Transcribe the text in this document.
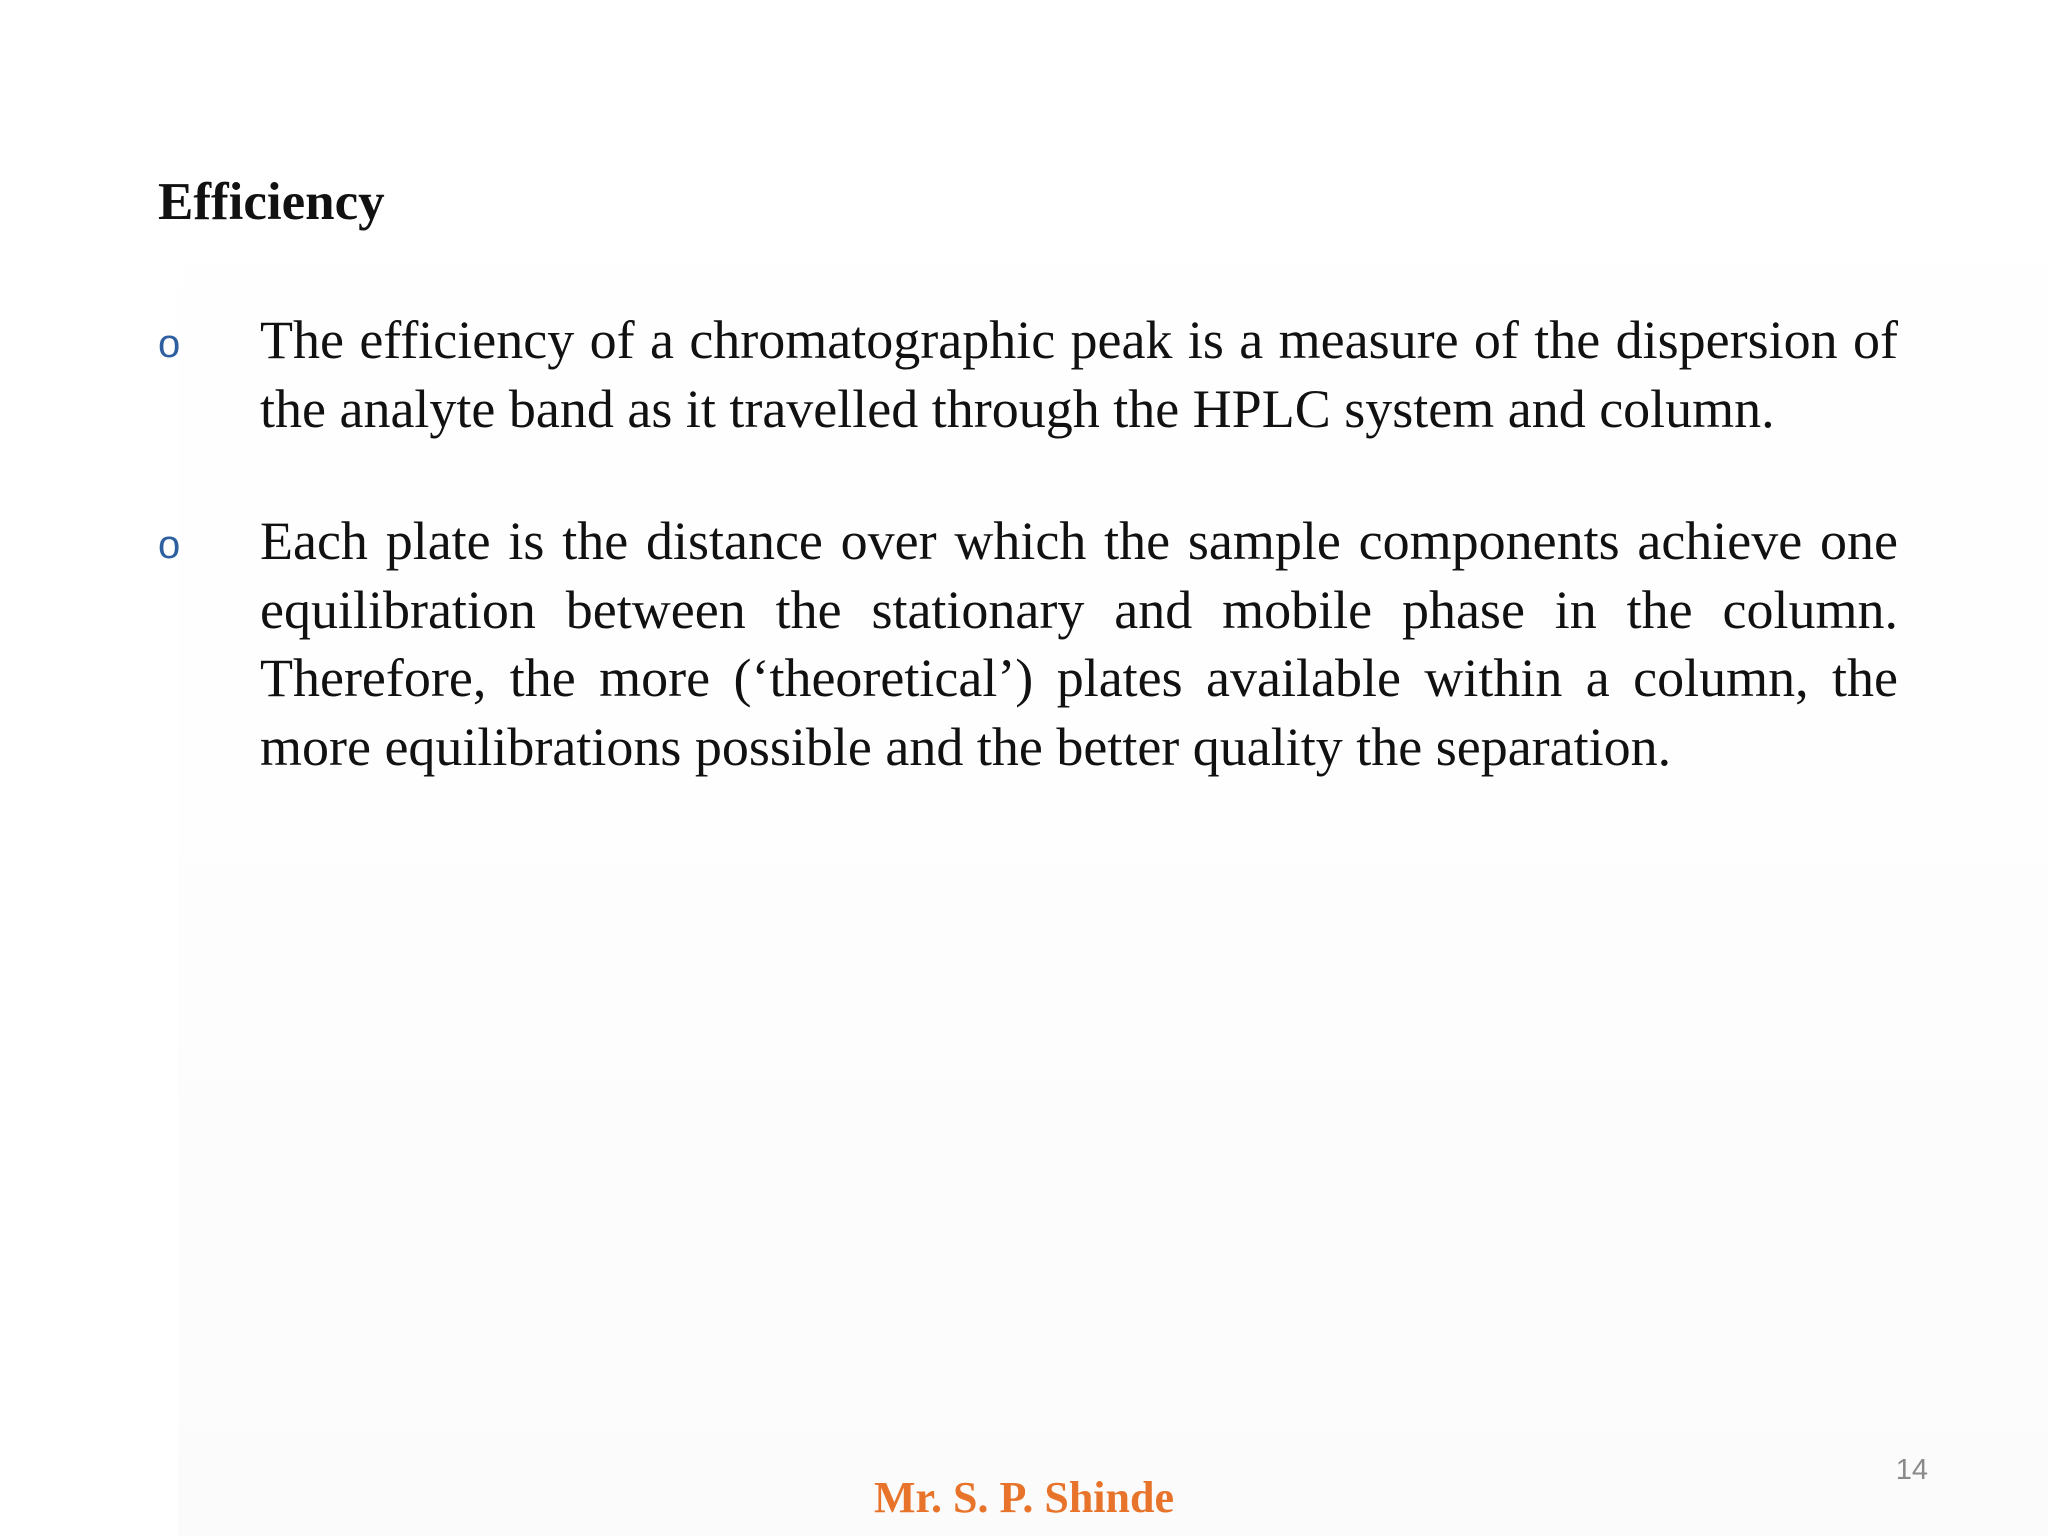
Efficiency
o The efficiency of a chromatographic peak is a measure of the dispersion of the analyte band as it travelled through the HPLC system and column.
o Each plate is the distance over which the sample components achieve one equilibration between the stationary and mobile phase in the column. Therefore, the more (‘theoretical’) plates available within a column, the more equilibrations possible and the better quality the separation.
14
Mr. S. P. Shinde
